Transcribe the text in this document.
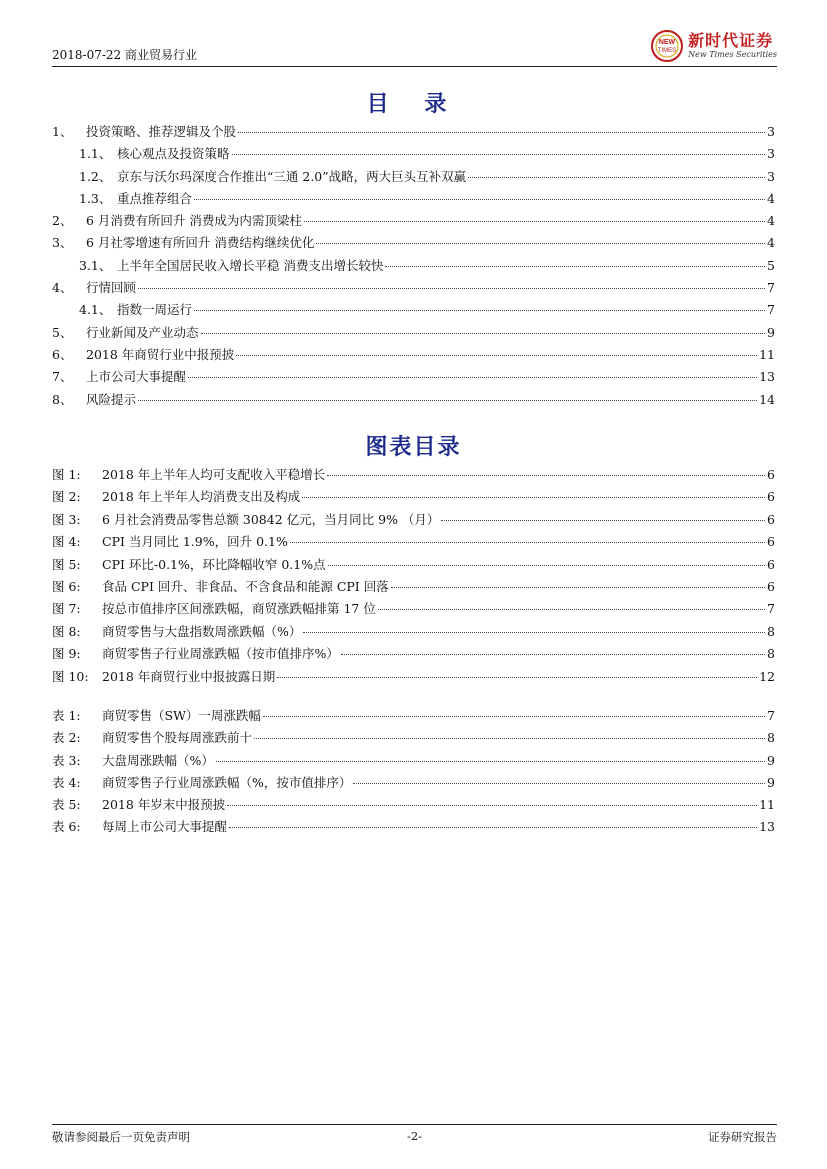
2018-07-22 商业贸易行业
NEW
TIMES
新时代证券
New Times Securities
目 录
1、	投资策略、推荐逻辑及个股	3
1.1、 核心观点及投资策略	3
1.2、 京东与沃尔玛深度合作推出“三通 2.0”战略，两大巨头互补双赢	3
1.3、 重点推荐组合	4
2、	6 月消费有所回升 消费成为内需顶梁柱	4
3、	6 月社零增速有所回升 消费结构继续优化	4
3.1、 上半年全国居民收入增长平稳 消费支出增长较快	5
4、	行情回顾	7
4.1、 指数一周运行	7
5、	行业新闻及产业动态	9
6、	2018 年商贸行业中报预披	11
7、	上市公司大事提醒	13
8、	风险提示	14
图表目录
图 1:	2018 年上半年人均可支配收入平稳增长	6
图 2:	2018 年上半年人均消费支出及构成	6
图 3:	6 月社会消费品零售总额 30842 亿元，当月同比 9% （月）	6
图 4:	CPI 当月同比 1.9%，回升 0.1%	6
图 5:	CPI 环比-0.1%，环比降幅收窄 0.1%点	6
图 6:	食品 CPI 回升、非食品、不含食品和能源 CPI 回落	6
图 7:	按总市值排序区间涨跌幅，商贸涨跌幅排第 17 位	7
图 8:	商贸零售与大盘指数周涨跌幅（%）	8
图 9:	商贸零售子行业周涨跌幅（按市值排序%）	8
图 10:	2018 年商贸行业中报披露日期	12
表 1:	商贸零售（SW）一周涨跌幅	7
表 2:	商贸零售个股每周涨跌前十	8
表 3:	大盘周涨跌幅（%）	9
表 4:	商贸零售子行业周涨跌幅（%，按市值排序）	9
表 5:	2018 年岁末中报预披	11
表 6:	每周上市公司大事提醒	13
敬请参阅最后一页免责声明	-2-	证券研究报告
